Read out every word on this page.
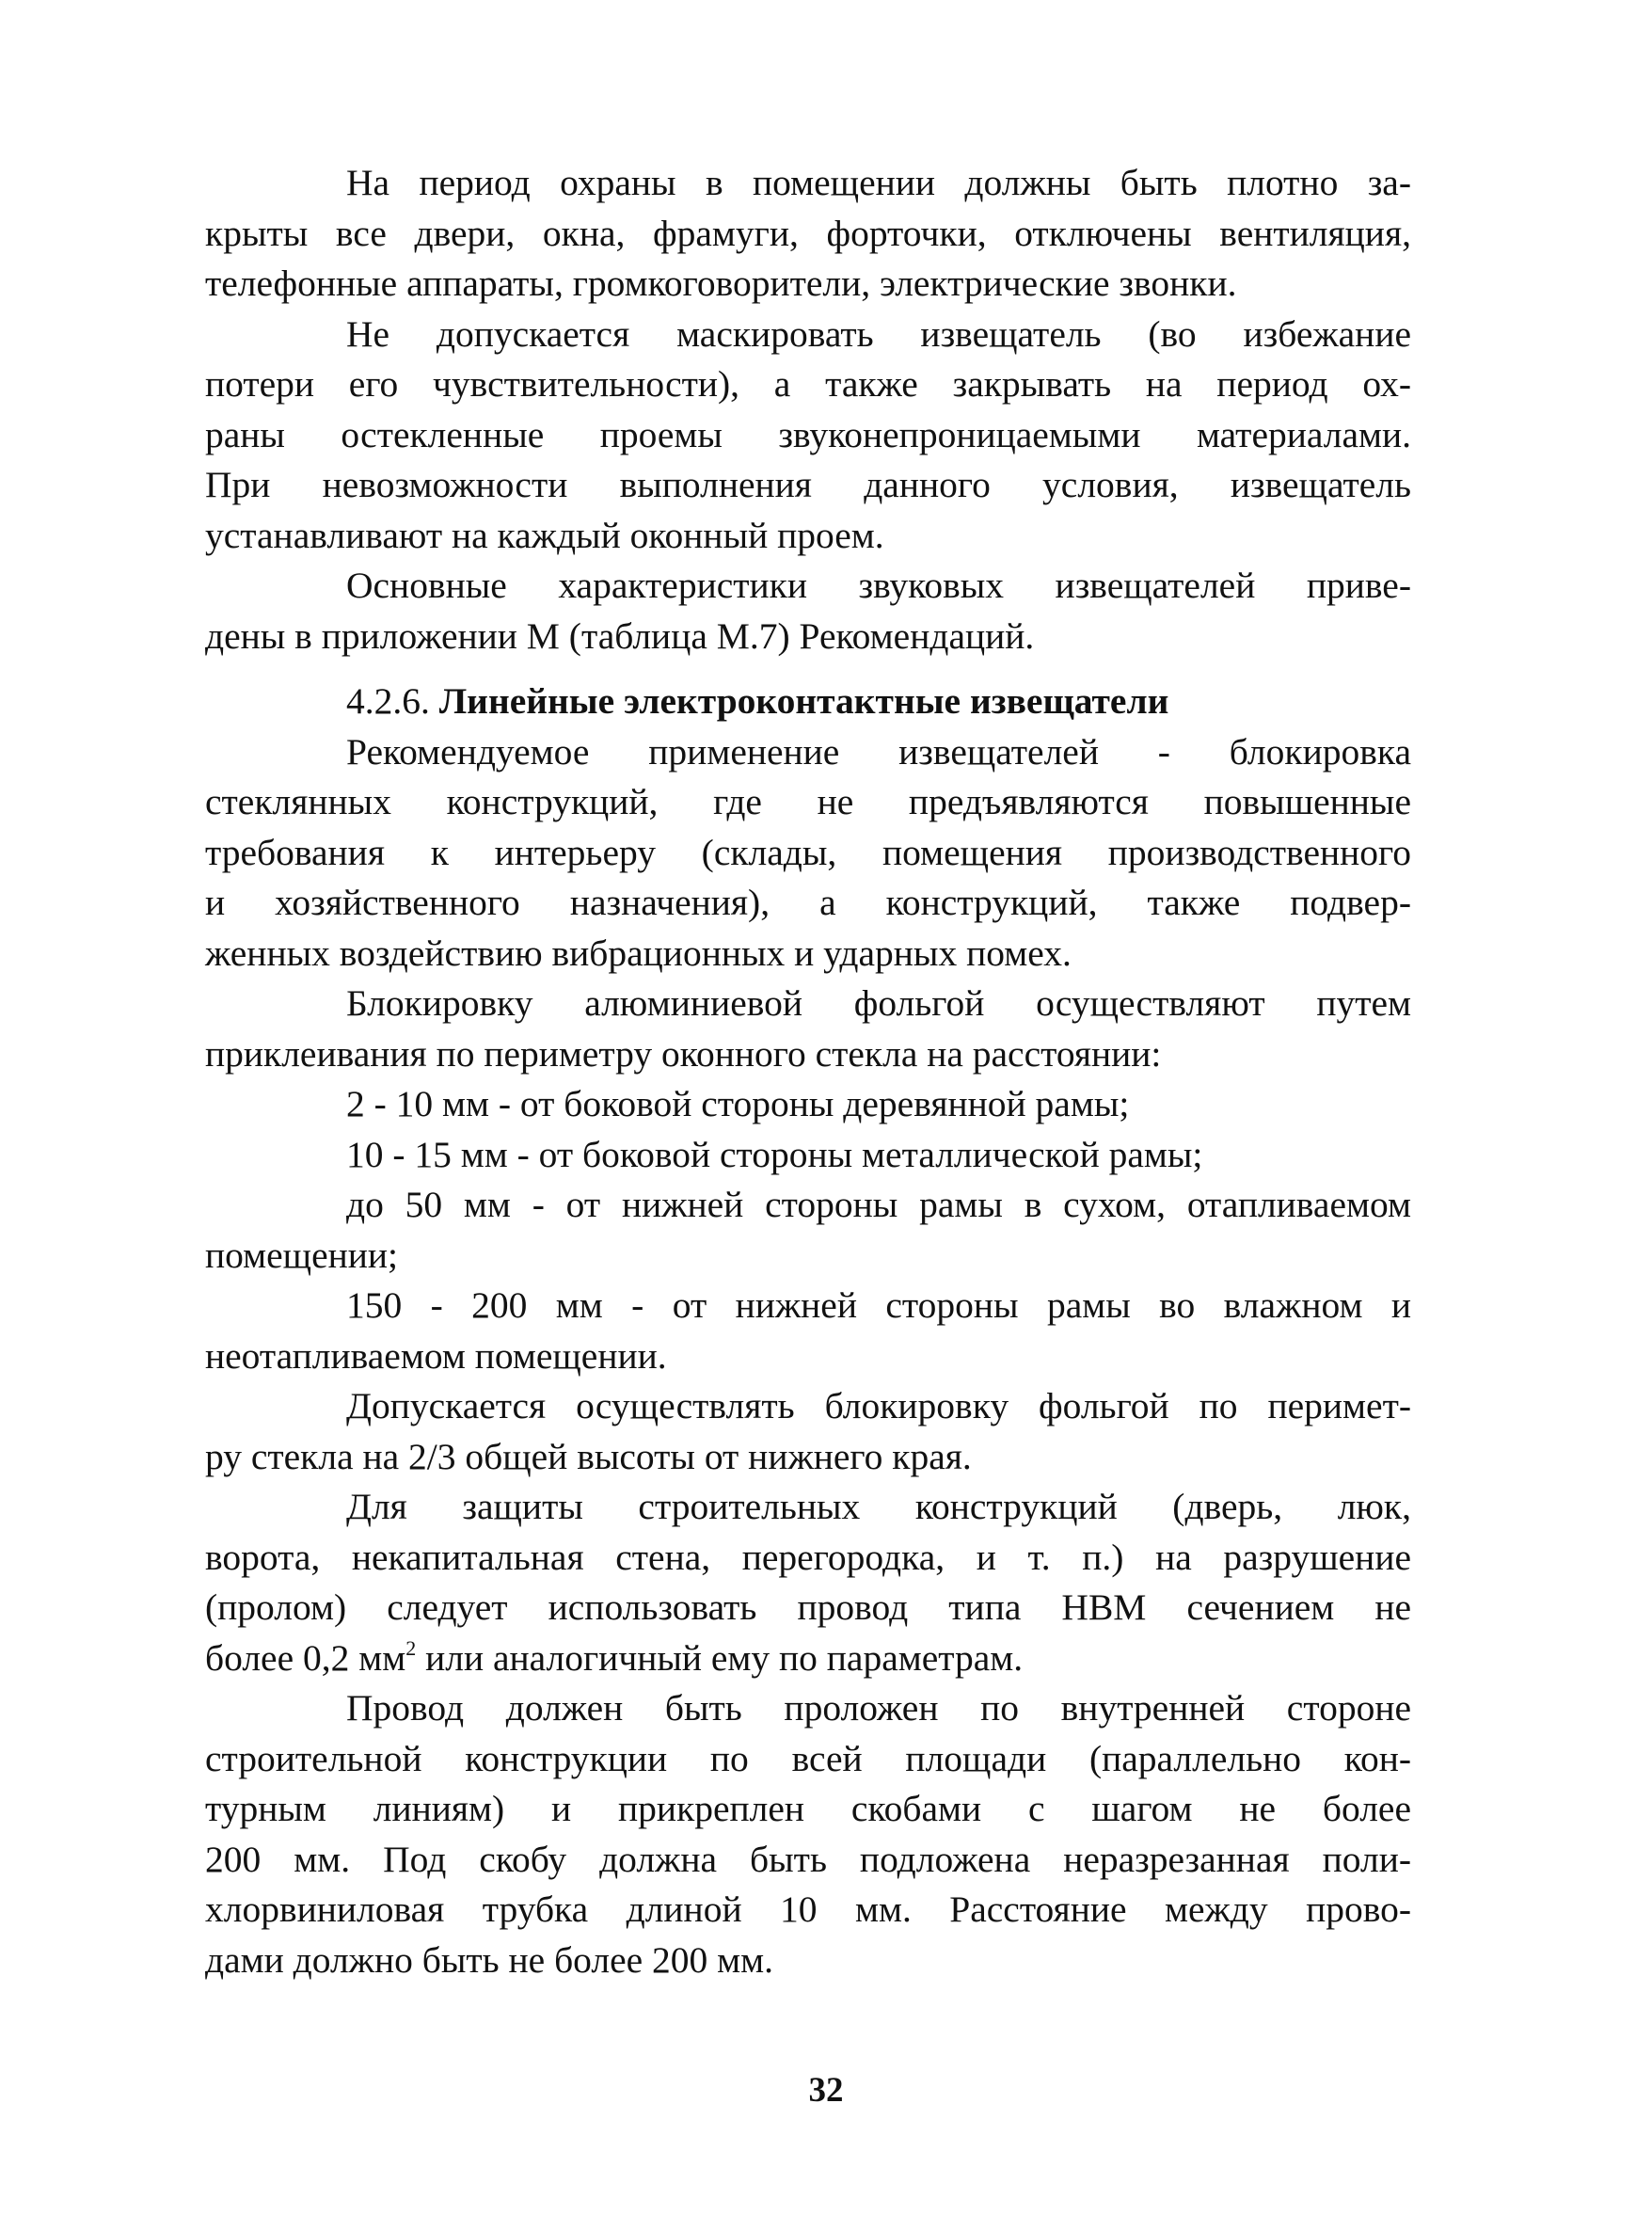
На период охраны в помещении должны быть плотно за-
крыты все двери, окна, фрамуги, форточки, отключены вентиляция,
телефонные аппараты, громкоговорители, электрические звонки.
Не допускается маскировать извещатель (во избежание
потери его чувствительности), а также закрывать на период ох-
раны остекленные проемы звуконепроницаемыми материалами.
При невозможности выполнения данного условия, извещатель
устанавливают на каждый оконный проем.
Основные характеристики звуковых извещателей приве-
дены в приложении М (таблица М.7) Рекомендаций.
4.2.6. Линейные электроконтактные извещатели
Рекомендуемое применение извещателей - блокировка
стеклянных конструкций, где не предъявляются повышенные
требования к интерьеру (склады, помещения производственного
и хозяйственного назначения), а конструкций, также подвер-
женных воздействию вибрационных и ударных помех.
Блокировку алюминиевой фольгой осуществляют путем
приклеивания по периметру оконного стекла на расстоянии:
2 - 10 мм - от боковой стороны деревянной рамы;
10 - 15 мм - от боковой стороны металлической рамы;
до 50 мм - от нижней стороны рамы в сухом, отапливаемом
помещении;
150 - 200 мм - от нижней стороны рамы во влажном и
неотапливаемом помещении.
Допускается осуществлять блокировку фольгой по перимет-
ру стекла на 2/3 общей высоты от нижнего края.
Для защиты строительных конструкций (дверь, люк,
ворота, некапитальная стена, перегородка, и т. п.) на разрушение
(пролом) следует использовать провод типа НВМ сечением не
более 0,2 $мм^2$ или аналогичный ему по параметрам.
Провод должен быть проложен по внутренней стороне
строительной конструкции по всей площади (параллельно кон-
турным линиям) и прикреплен скобами с шагом не более
200 мм. Под скобу должна быть подложена неразрезанная поли-
хлорвиниловая трубка длиной 10 мм. Расстояние между прово-
дами должно быть не более 200 мм.
32
